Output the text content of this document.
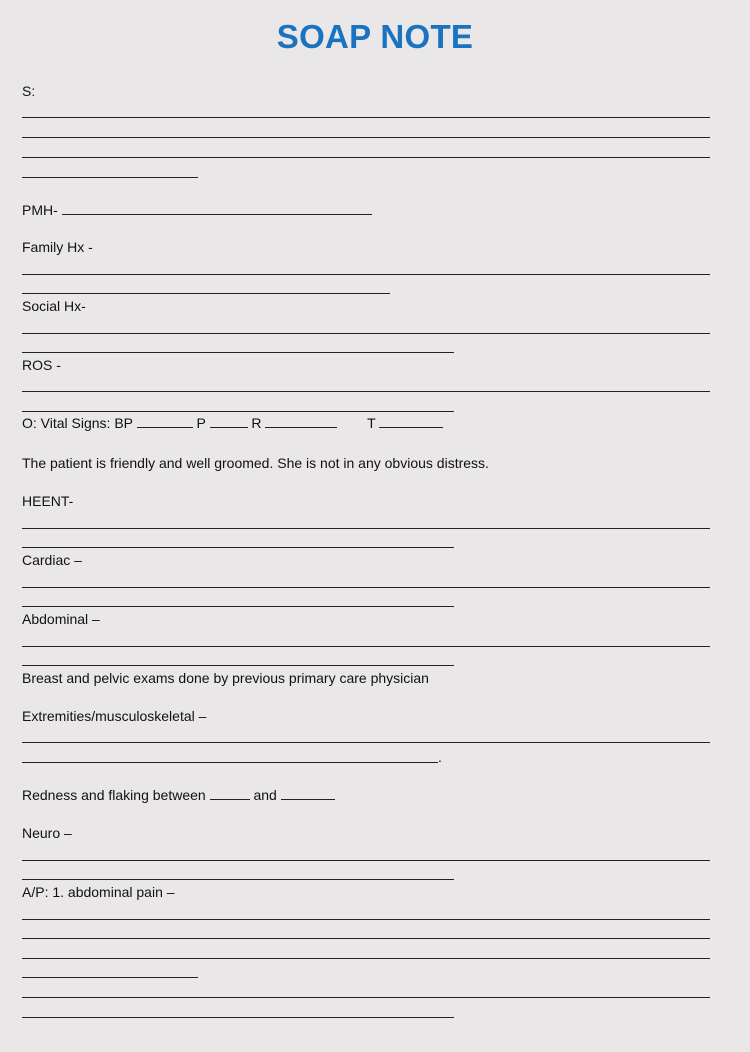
SOAP NOTE
S:
PMH-
Family Hx -
Social Hx-
ROS -
O: Vital Signs: BP	P	R	T
The patient is friendly and well groomed. She is not in any obvious distress.
HEENT-
Cardiac –
Abdominal –
Breast and pelvic exams done by previous primary care physician
Extremities/musculoskeletal –
.
Redness and flaking between	and
Neuro –
A/P: 1. abdominal pain –
